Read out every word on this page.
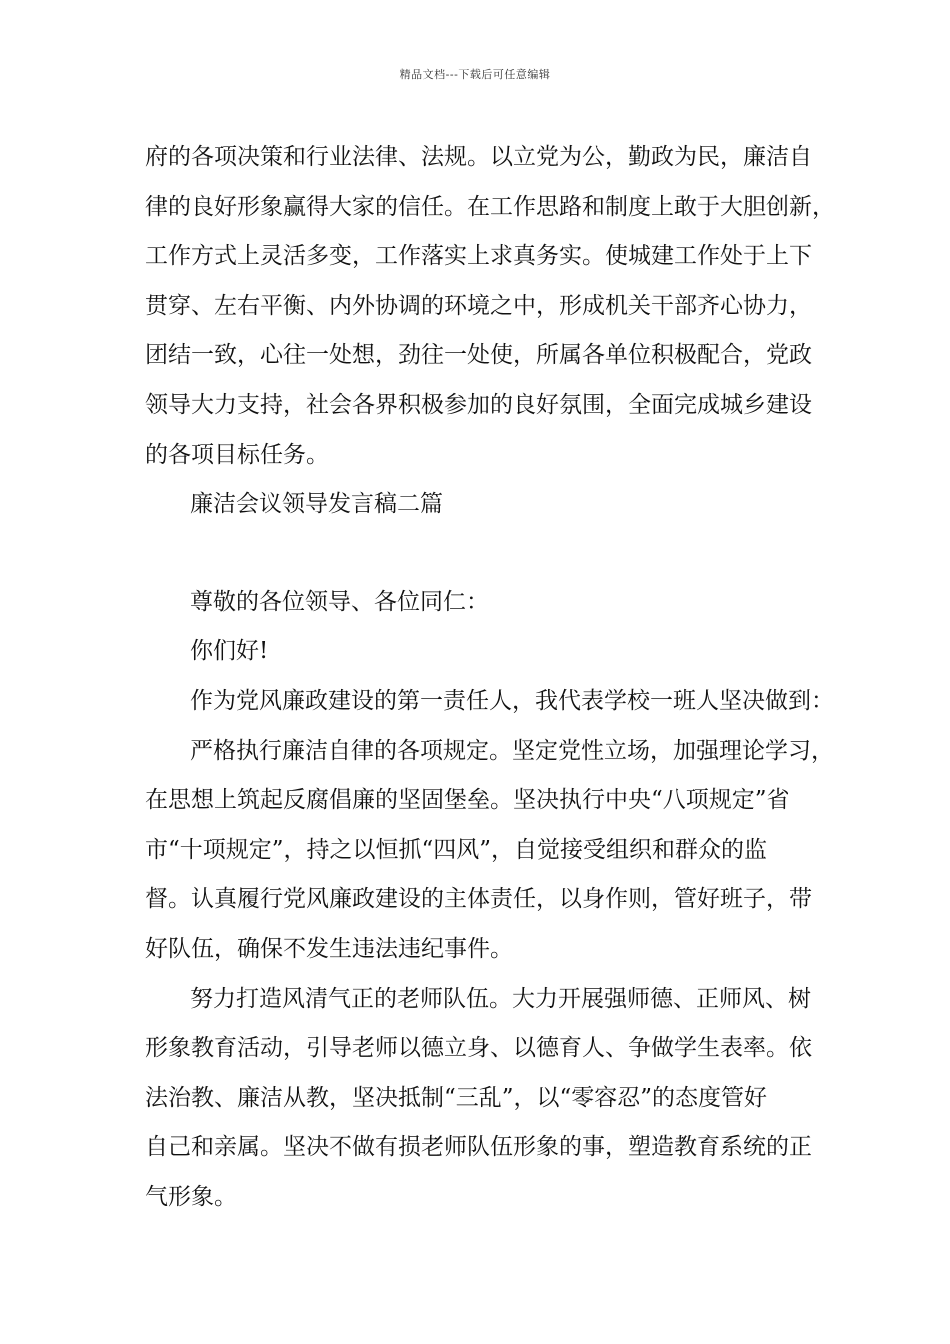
精品文档---下载后可任意编辑
府的各项决策和行业法律、法规。以立党为公，勤政为民，廉洁自
律的良好形象赢得大家的信任。在工作思路和制度上敢于大胆创新，
工作方式上灵活多变，工作落实上求真务实。使城建工作处于上下
贯穿、左右平衡、内外协调的环境之中，形成机关干部齐心协力，
团结一致，心往一处想，劲往一处使，所属各单位积极配合，党政
领导大力支持，社会各界积极参加的良好氛围，全面完成城乡建设
的各项目标任务。
廉洁会议领导发言稿二篇
尊敬的各位领导、各位同仁：
你们好!
作为党风廉政建设的第一责任人，我代表学校一班人坚决做到：
严格执行廉洁自律的各项规定。坚定党性立场，加强理论学习，
在思想上筑起反腐倡廉的坚固堡垒。坚决执行中央“八项规定”省
市“十项规定”，持之以恒抓“四风”，自觉接受组织和群众的监
督。认真履行党风廉政建设的主体责任，以身作则，管好班子，带
好队伍，确保不发生违法违纪事件。
努力打造风清气正的老师队伍。大力开展强师德、正师风、树
形象教育活动，引导老师以德立身、以德育人、争做学生表率。依
法治教、廉洁从教，坚决抵制“三乱”，以“零容忍”的态度管好
自己和亲属。坚决不做有损老师队伍形象的事，塑造教育系统的正
气形象。
